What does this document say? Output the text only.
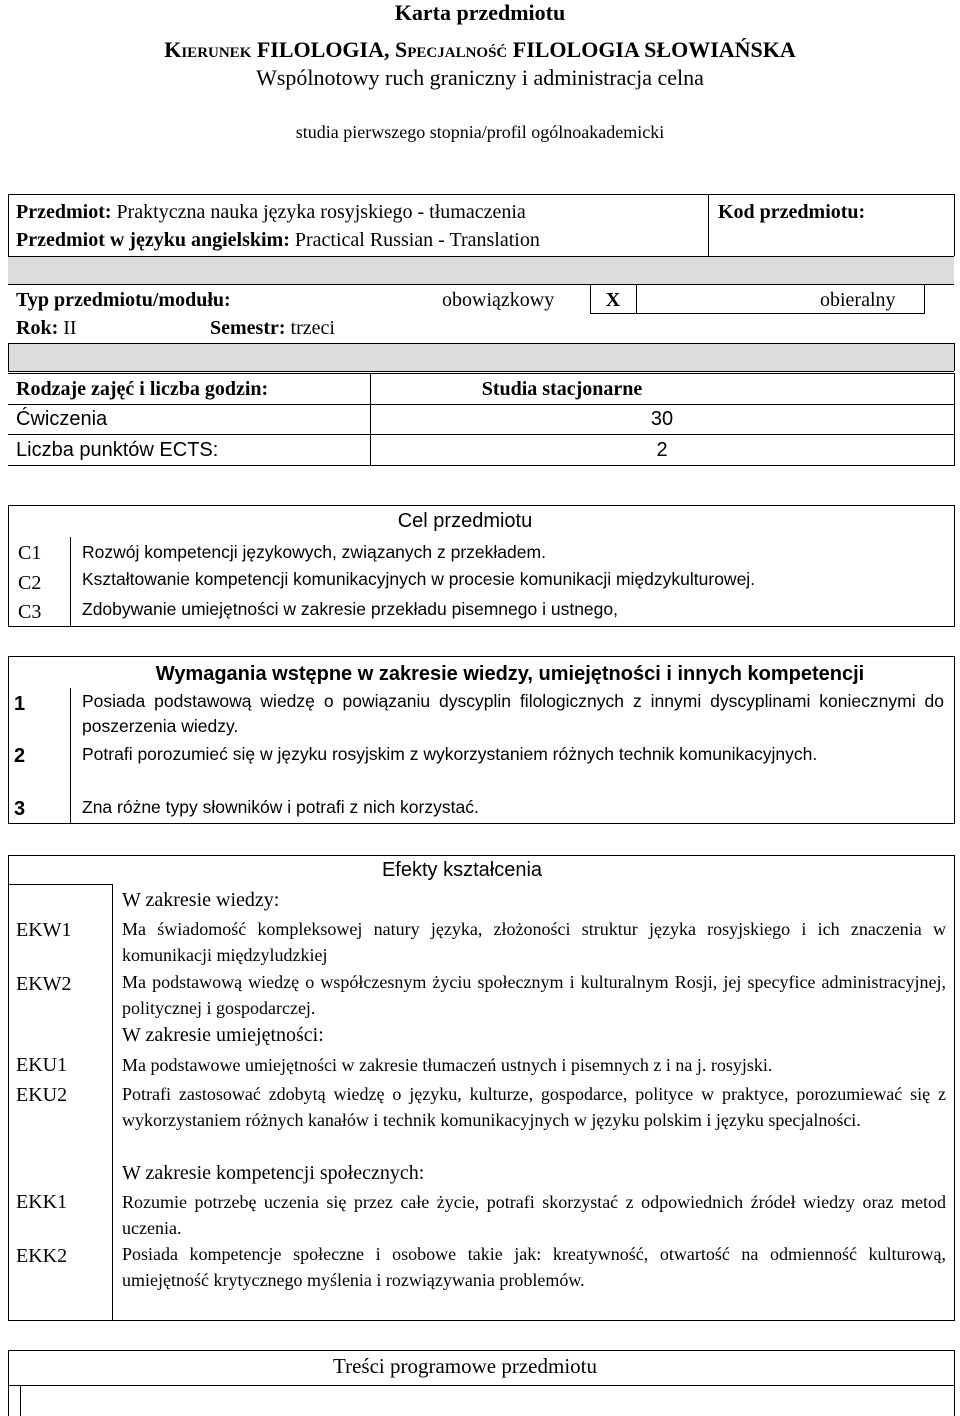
Karta przedmiotu
Kierunek FILOLOGIA, Specjalność FILOLOGIA SŁOWIAŃSKA
Wspólnotowy ruch graniczny i administracja celna
studia pierwszego stopnia/profil ogólnoakademicki
Przedmiot: Praktyczna nauka języka rosyjskiego - tłumaczenia
Przedmiot w języku angielskim: Practical Russian - Translation
Kod przedmiotu:
Typ przedmiotu/modułu:	obowiązkowy	X	obieralny
Rok: II	Semestr: trzeci
Rodzaje zajęć i liczba godzin:	Studia stacjonarne
Ćwiczenia	30
Liczba punktów ECTS:	2
Cel przedmiotu
C1 Rozwój kompetencji językowych, związanych z przekładem.
C2 Kształtowanie kompetencji komunikacyjnych w procesie komunikacji międzykulturowej.
C3 Zdobywanie umiejętności w zakresie przekładu pisemnego i ustnego,
Wymagania wstępne w zakresie wiedzy, umiejętności i innych kompetencji
1	Posiada podstawową wiedzę o powiązaniu dyscyplin filologicznych z innymi dyscyplinami koniecznymi do poszerzenia wiedzy.
2	Potrafi porozumieć się w języku rosyjskim z wykorzystaniem różnych technik komunikacyjnych.
3	Zna różne typy słowników i potrafi z nich korzystać.
Efekty kształcenia
W zakresie wiedzy:
EKW1	Ma świadomość kompleksowej natury języka, złożoności struktur języka rosyjskiego i ich znaczenia w komunikacji międzyludzkiej
EKW2	Ma podstawową wiedzę o współczesnym życiu społecznym i kulturalnym Rosji, jej specyfice administracyjnej, politycznej i gospodarczej.
W zakresie umiejętności:
EKU1	Ma podstawowe umiejętności w zakresie tłumaczeń ustnych i pisemnych z i na j. rosyjski.
EKU2	Potrafi zastosować zdobytą wiedzę o języku, kulturze, gospodarce, polityce w praktyce, porozumiewać się z wykorzystaniem różnych kanałów i technik komunikacyjnych w języku polskim i języku specjalności.
W zakresie kompetencji społecznych:
EKK1	Rozumie potrzebę uczenia się przez całe życie, potrafi skorzystać z odpowiednich źródeł wiedzy oraz metod uczenia.
EKK2	Posiada kompetencje społeczne i osobowe takie jak: kreatywność, otwartość na odmienność kulturową, umiejętność krytycznego myślenia i rozwiązywania problemów.
Treści programowe przedmiotu
